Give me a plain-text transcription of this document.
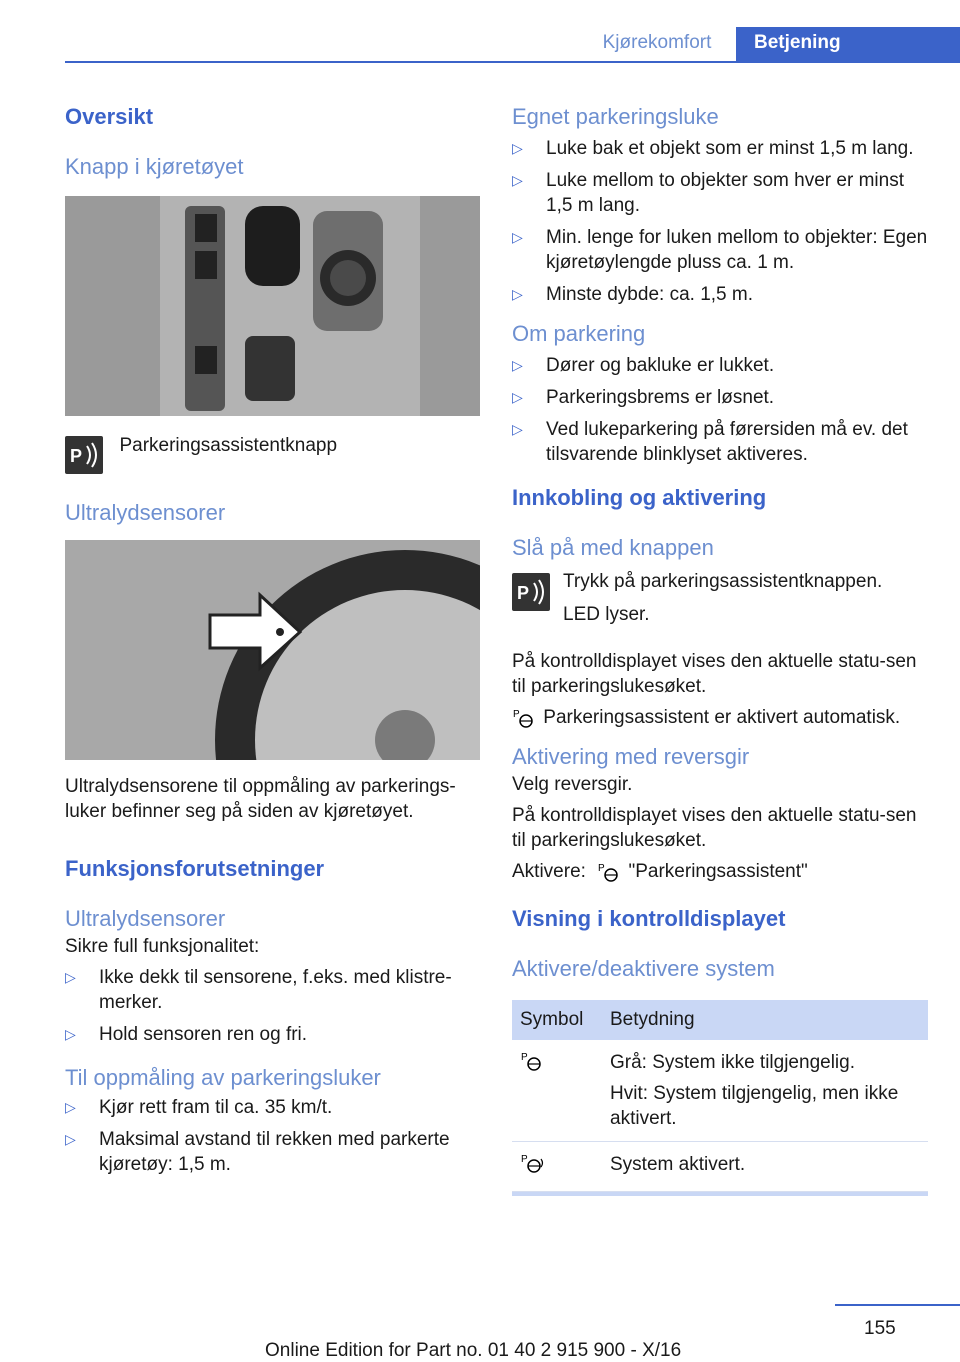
Kjørekomfort	Betjening
Oversikt
Knapp i kjøretøyet
P Parkeringsassistentknapp
Ultralydsensorer

Ultralydsensorene til oppmåling av parkerings‐luker befinner seg på siden av kjøretøyet.

Funksjonsforutsetninger
Ultralydsensorer

Sikre full funksjonalitet:

▷ Ikke dekk til sensorene, f.eks. med klistre‐merker.
▷ Hold sensoren ren og fri.
Til oppmåling av parkeringsluker
▷ Kjør rett fram til ca. 35 km/t.
▷ Maksimal avstand til rekken med parkerte kjøretøy: 1,5 m.
Egnet parkeringsluke
▷ Luke bak et objekt som er minst 1,5 m lang.
▷ Luke mellom to objekter som hver er minst 1,5 m lang.
▷ Min. lenge for luken mellom to objekter: Egen kjøretøylengde pluss ca. 1 m.
▷ Minste dybde: ca. 1,5 m.
Om parkering
▷ Dører og bakluke er lukket.
▷ Parkeringsbrems er løsnet.
▷ Ved lukeparkering på førersiden må ev. det tilsvarende blinklyset aktiveres.
Innkobling og aktivering
Slå på med knappen
P

Trykk på parkeringsassistentknappen.

LED lyser.

På kontrolldisplayet vises den aktuelle statu‐sen til parkeringslukesøket.

P Parkeringsassistent er aktivert automatisk.

Aktivering med reversgir

Velg reversgir.

På kontrolldisplayet vises den aktuelle statu‐sen til parkeringslukesøket.

Aktivere: P "Parkeringsassistent"

Visning i kontrolldisplayet
Aktivere/deaktivere system
Symbol	Betydning

P	Grå: System ikke tilgjengelig.
Hvit: System tilgjengelig, men ikke aktivert.

P	System aktivert.
155
Online Edition for Part no. 01 40 2 915 900 - X/16
